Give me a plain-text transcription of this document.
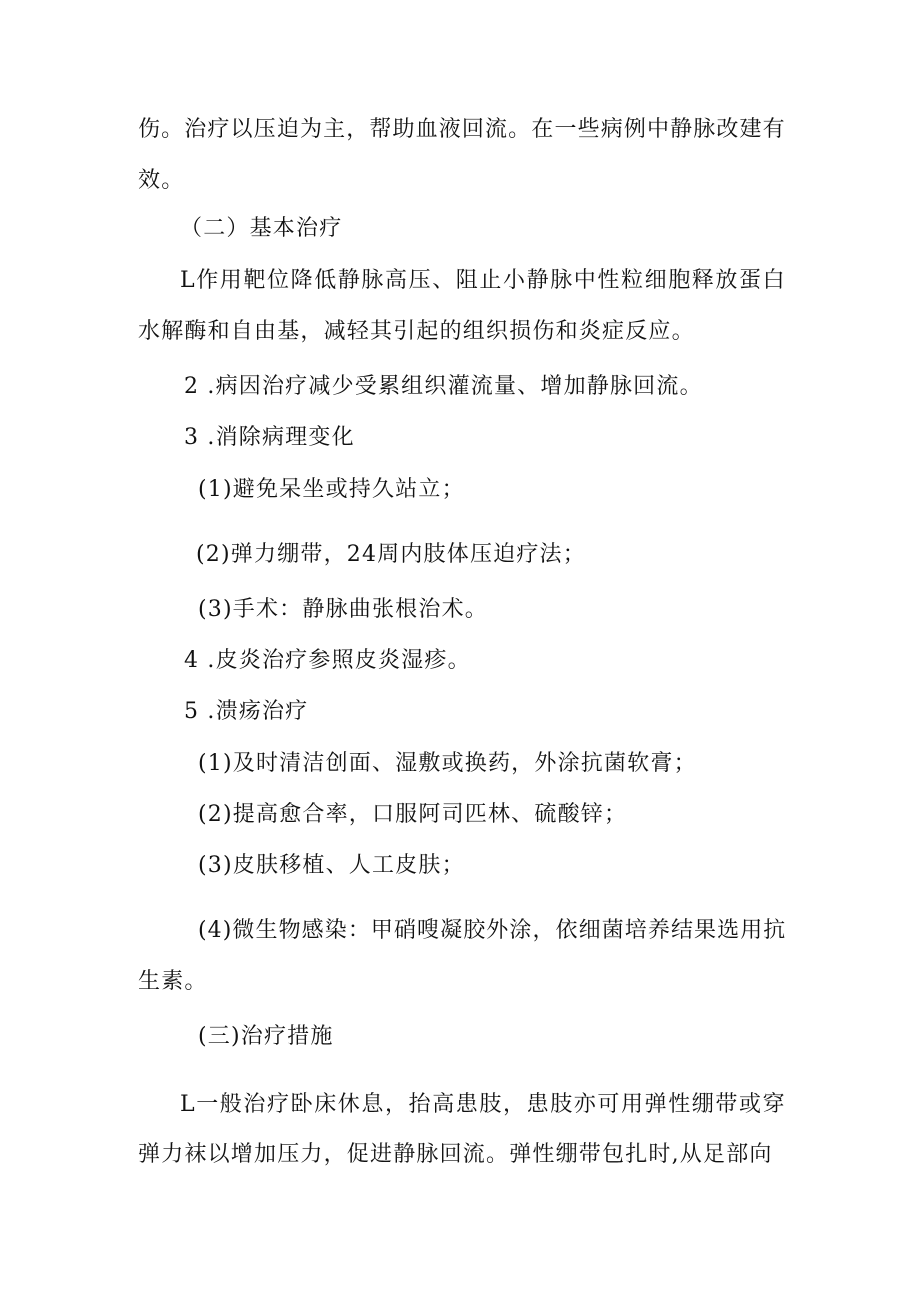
伤。治疗以压迫为主，帮助血液回流。在一些病例中静脉改建有
效。
（二）基本治疗
L作用靶位降低静脉高压、阻止小静脉中性粒细胞释放蛋白
水解酶和自由基，减轻其引起的组织损伤和炎症反应。
2 .病因治疗减少受累组织灌流量、增加静脉回流。
3 .消除病理变化
(1)避免呆坐或持久站立；
(2)弹力绷带，24周内肢体压迫疗法；
(3)手术：静脉曲张根治术。
4 .皮炎治疗参照皮炎湿疹。
5 .溃疡治疗
(1)及时清洁创面、湿敷或换药，外涂抗菌软膏；
(2)提高愈合率，口服阿司匹林、硫酸锌；
(3)皮肤移植、人工皮肤；
(4)微生物感染：甲硝嗖凝胶外涂，依细菌培养结果选用抗
生素。
(三)治疗措施
L一般治疗卧床休息，抬高患肢，患肢亦可用弹性绷带或穿
弹力袜以增加压力，促进静脉回流。弹性绷带包扎时,从足部向
